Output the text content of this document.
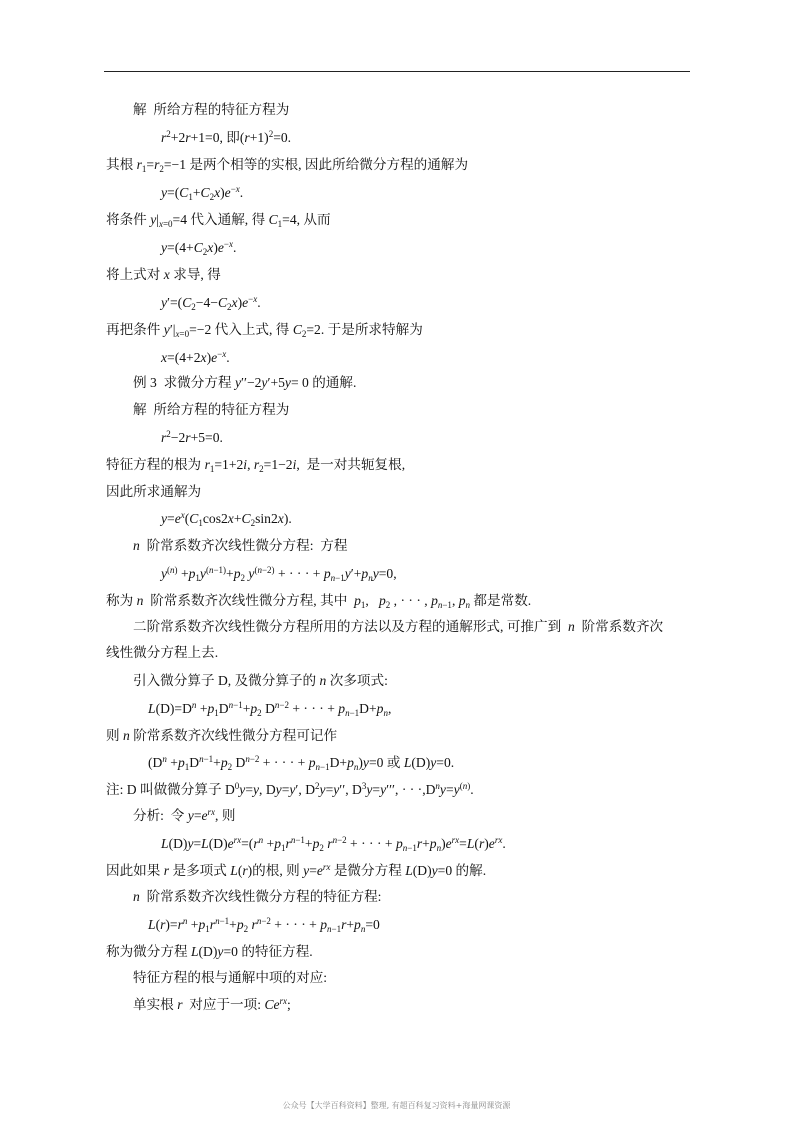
解  所给方程的特征方程为
$r^2+2r+1=0$, 即$(r+1)^2=0$.
其根 $r_1=r_2=-1$ 是两个相等的实根, 因此所给微分方程的通解为
$y=(C_1+C_2x)e^{-x}$.
将条件 $y|_{x=0}=4$ 代入通解, 得 $C_1=4$, 从而
$y=(4+C_2x)e^{-x}$.
将上式对 x 求导, 得
$y'=(C_2-4-C_2x)e^{-x}$.
再把条件 $y'|_{x=0}=-2$ 代入上式, 得 $C_2=2$. 于是所求特解为
$x=(4+2x)e^{-x}$.
例 3  求微分方程 y′′−2y′+5y= 0 的通解.
解  所给方程的特征方程为
$r^2-2r+5=0$.
特征方程的根为 $r_1=1+2i$, $r_2=1-2i$,  是一对共轭复根,
因此所求通解为
$y=e^x(C_1\cos 2x+C_2\sin 2x)$.
n  阶常系数齐次线性微分方程:  方程
$y^{(n)} +p_1y^{(n-1)}+p_2$ $y^{(n-2)}$ + · · · + $p_{n-1}y'+p_ny=0$,
称为 n  阶常系数齐次线性微分方程, 其中  $p_1$,   $p_2$ , · · · , $p_{n-1}$, $p_n$ 都是常数.
二阶常系数齐次线性微分方程所用的方法以及方程的通解形式, 可推广到  n  阶常系数齐次
线性微分方程上去.
引入微分算子 D, 及微分算子的 n 次多项式:
$L(D)=D^n +p_1D^{n-1}+p_2$ $D^{n-2}$ + · · · + $p_{n-1}D+p_n$,
则 n 阶常系数齐次线性微分方程可记作
($D^n +p_1D^{n-1}+p_2$ $D^{n-2}$ + · · · + $p_{n-1}D+p_n)y=0$ 或 L(D)y=0.
注: D 叫做微分算子 $D^0y=y$, Dy=y′, $D^2y=y''$, $D^3y=y'''$, · · $\cdot,D^ny=y^{(n)}$.
分析:  令 $y=e^{rx}$, 则
$L(D)y=L(D)e^{rx}=(r^n +p_1r^{n-1}+p_2$ $r^{n-2}$ + · · · + $p_{n-1}r+p_n)e^{rx}=L(r)e^{rx}$.
因此如果 r 是多项式 L(r)的根, 则 $y=e^{rx}$ 是微分方程 L(D)y=0 的解.
n  阶常系数齐次线性微分方程的特征方程:
$L(r)=r^n +p_1r^{n-1}+p_2$ $r^{n-2}$ + · · · + $p_{n-1}r+p_n=0$
称为微分方程 L(D)y=0 的特征方程.
特征方程的根与通解中项的对应:
单实根 r  对应于一项: $Ce^{rx}$;
公众号【大学百科资料】整理, 有超百科复习资料+海量网课资源
